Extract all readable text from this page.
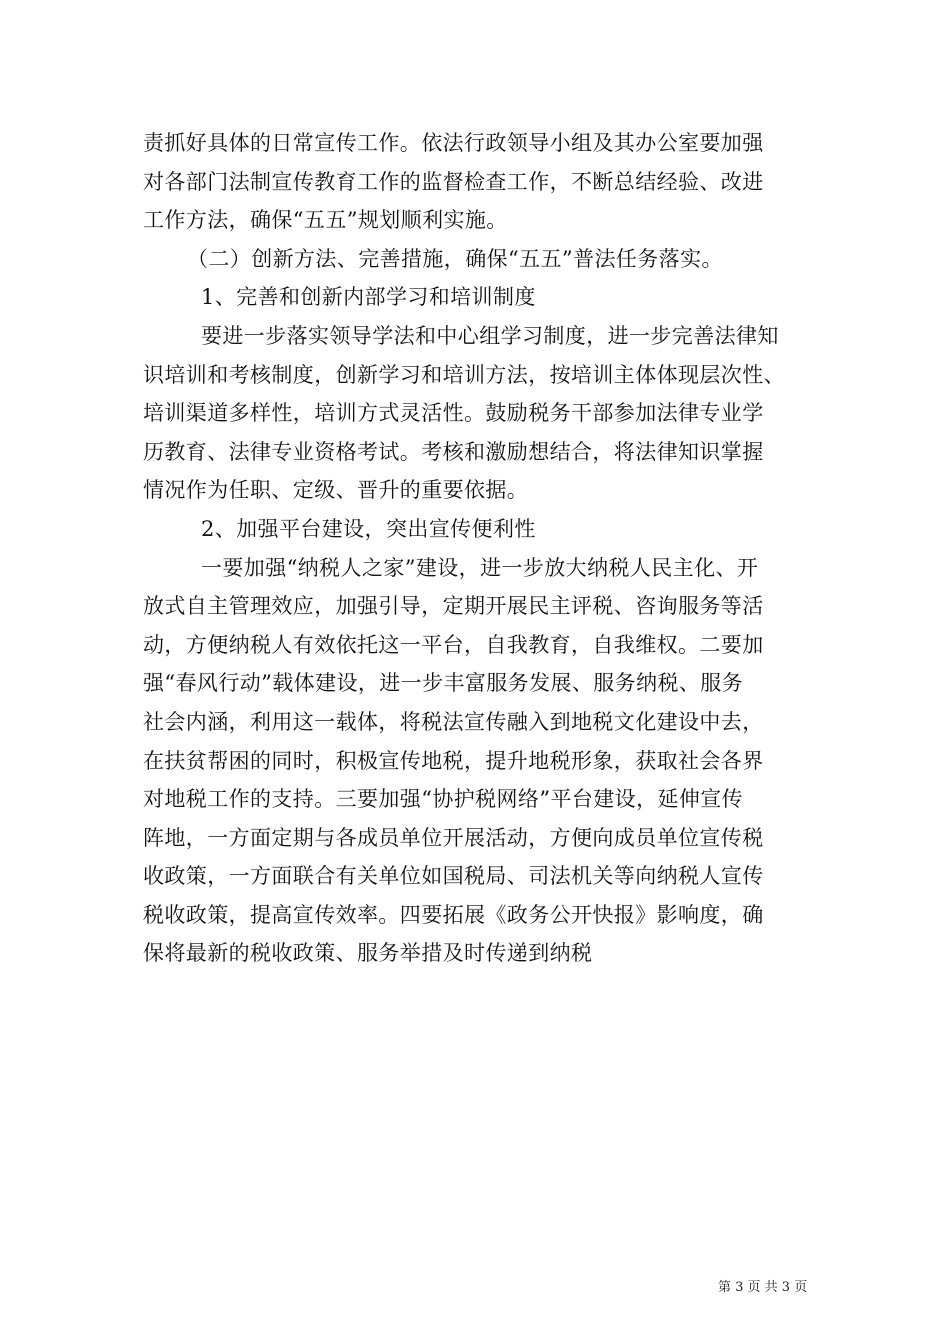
责抓好具体的日常宣传工作。依法行政领导小组及其办公室要加强
对各部门法制宣传教育工作的监督检查工作，不断总结经验、改进
工作方法，确保“五五”规划顺利实施。
（二）创新方法、完善措施，确保“五五”普法任务落实。
1、完善和创新内部学习和培训制度
要进一步落实领导学法和中心组学习制度，进一步完善法律知
识培训和考核制度，创新学习和培训方法，按培训主体体现层次性、
培训渠道多样性，培训方式灵活性。鼓励税务干部参加法律专业学
历教育、法律专业资格考试。考核和激励想结合，将法律知识掌握
情况作为任职、定级、晋升的重要依据。
2、加强平台建设，突出宣传便利性
一要加强“纳税人之家”建设，进一步放大纳税人民主化、开
放式自主管理效应，加强引导，定期开展民主评税、咨询服务等活
动，方便纳税人有效依托这一平台，自我教育，自我维权。二要加
强“春风行动”载体建设，进一步丰富服务发展、服务纳税、服务
社会内涵，利用这一载体，将税法宣传融入到地税文化建设中去，
在扶贫帮困的同时，积极宣传地税，提升地税形象，获取社会各界
对地税工作的支持。三要加强“协护税网络”平台建设，延伸宣传
阵地，一方面定期与各成员单位开展活动，方便向成员单位宣传税
收政策，一方面联合有关单位如国税局、司法机关等向纳税人宣传
税收政策，提高宣传效率。四要拓展《政务公开快报》影响度，确
保将最新的税收政策、服务举措及时传递到纳税
第 3 页 共 3 页
